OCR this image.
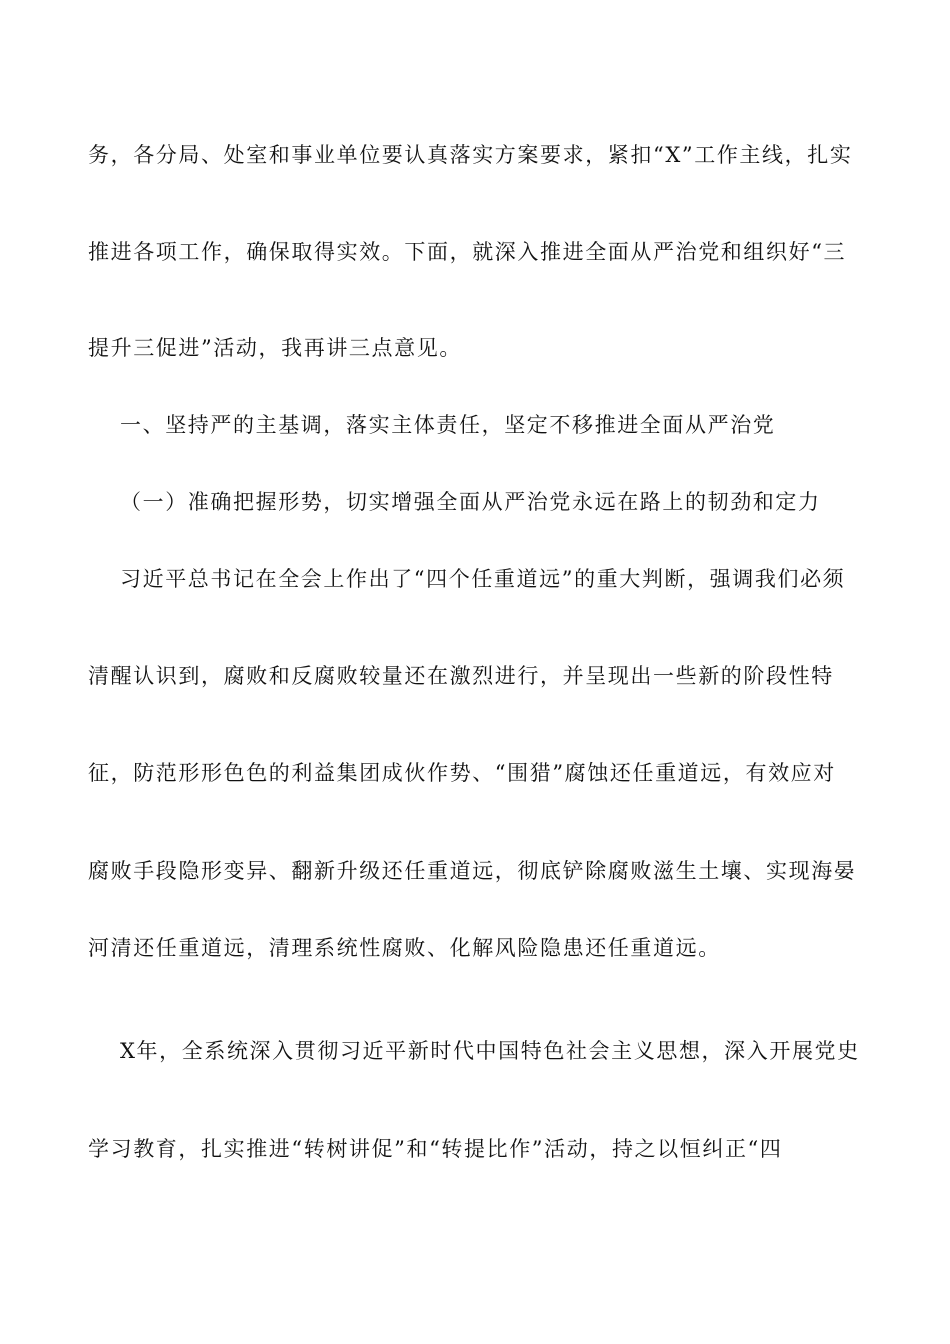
务，各分局、处室和事业单位要认真落实方案要求，紧扣“X”工作主线，扎实
推进各项工作，确保取得实效。下面，就深入推进全面从严治党和组织好“三
提升三促进”活动，我再讲三点意见。
一、坚持严的主基调，落实主体责任，坚定不移推进全面从严治党
（一）准确把握形势，切实增强全面从严治党永远在路上的韧劲和定力
习近平总书记在全会上作出了“四个任重道远”的重大判断，强调我们必须
清醒认识到，腐败和反腐败较量还在激烈进行，并呈现出一些新的阶段性特
征，防范形形色色的利益集团成伙作势、“围猎”腐蚀还任重道远，有效应对
腐败手段隐形变异、翻新升级还任重道远，彻底铲除腐败滋生土壤、实现海晏
河清还任重道远，清理系统性腐败、化解风险隐患还任重道远。
X年，全系统深入贯彻习近平新时代中国特色社会主义思想，深入开展党史
学习教育，扎实推进“转树讲促”和“转提比作”活动，持之以恒纠正“四
